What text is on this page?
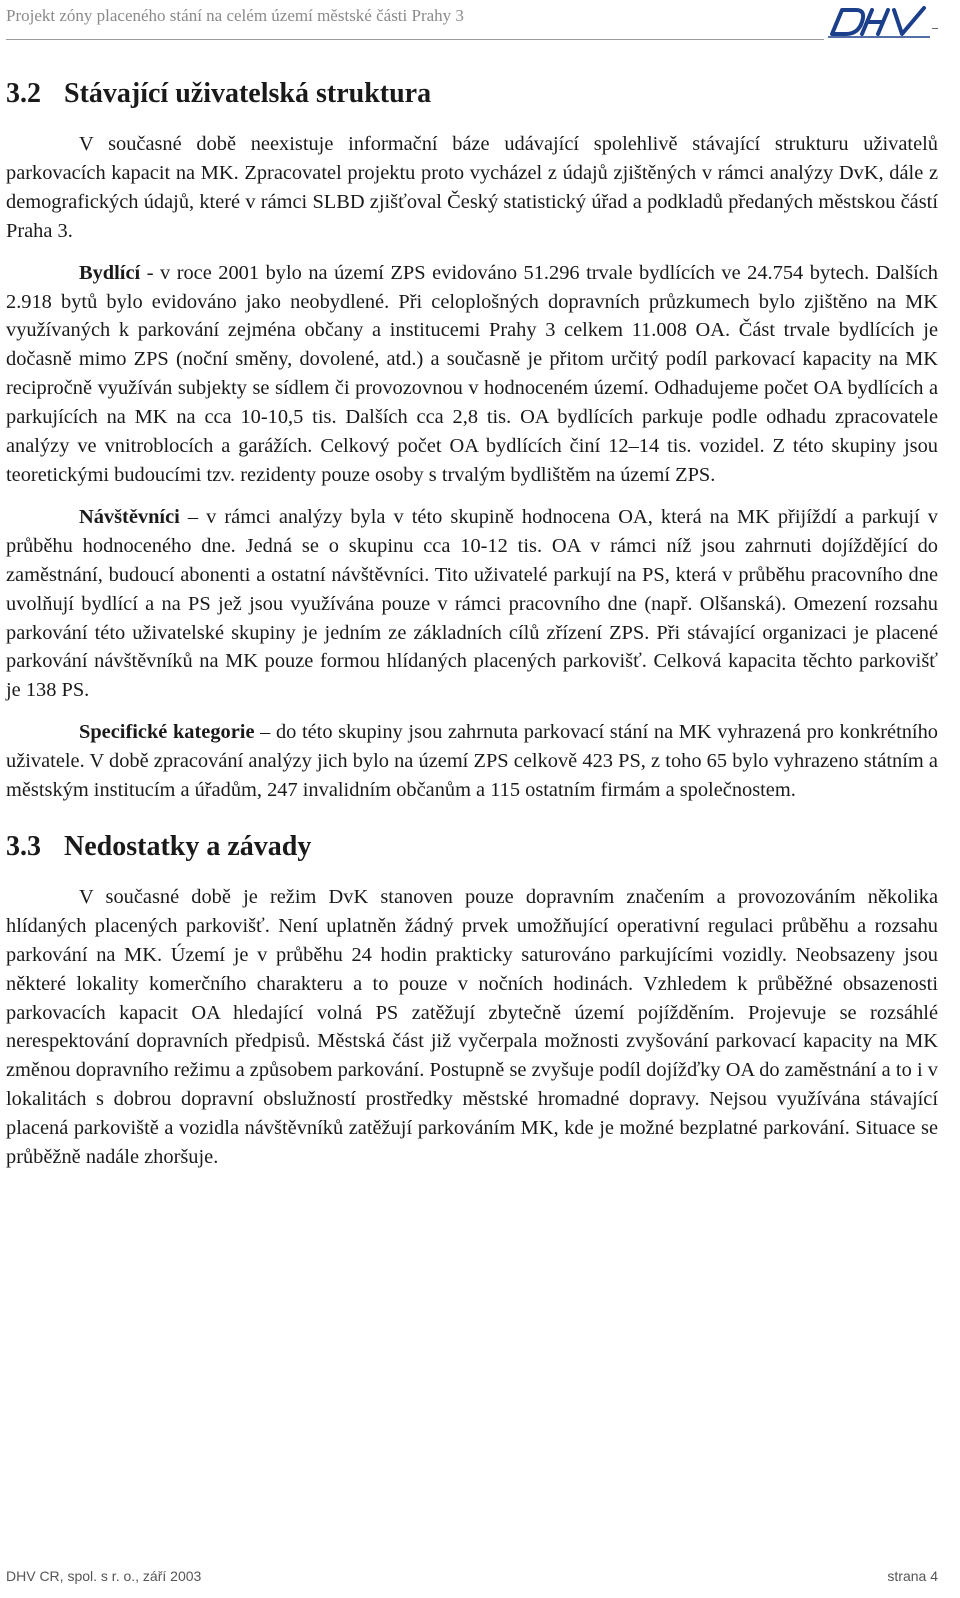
Projekt zóny placeného stání na celém území městské části Prahy 3
3.2 Stávající uživatelská struktura

V současné době neexistuje informační báze udávající spolehlivě stávající strukturu uživatelů parkovacích kapacit na MK. Zpracovatel projektu proto vycházel z údajů zjištěných v rámci analýzy DvK, dále z demografických údajů, které v rámci SLBD zjišťoval Český statistický úřad a podkladů předaných městskou částí Praha 3.

Bydlící - v roce 2001 bylo na území ZPS evidováno 51.296 trvale bydlících ve 24.754 bytech. Dalších 2.918 bytů bylo evidováno jako neobydlené. Při celoplošných dopravních průzkumech bylo zjištěno na MK využívaných k parkování zejména občany a institucemi Prahy 3 celkem 11.008 OA. Část trvale bydlících je dočasně mimo ZPS (noční směny, dovolené, atd.) a současně je přitom určitý podíl parkovací kapacity na MK recipročně využíván subjekty se sídlem či provozovnou v hodnoceném území. Odhadujeme počet OA bydlících a parkujících na MK na cca 10-10,5 tis. Dalších cca 2,8 tis. OA bydlících parkuje podle odhadu zpracovatele analýzy ve vnitroblocích a garážích. Celkový počet OA bydlících činí 12–14 tis. vozidel. Z této skupiny jsou teoretickými budoucími tzv. rezidenty pouze osoby s trvalým bydlištěm na území ZPS.

Návštěvníci – v rámci analýzy byla v této skupině hodnocena OA, která na MK přijíždí a parkují v průběhu hodnoceného dne. Jedná se o skupinu cca 10-12 tis. OA v rámci níž jsou zahrnuti dojíždějící do zaměstnání, budoucí abonenti a ostatní návštěvníci. Tito uživatelé parkují na PS, která v průběhu pracovního dne uvolňují bydlící a na PS jež jsou využívána pouze v rámci pracovního dne (např. Olšanská). Omezení rozsahu parkování této uživatelské skupiny je jedním ze základních cílů zřízení ZPS. Při stávající organizaci je placené parkování návštěvníků na MK pouze formou hlídaných placených parkovišť. Celková kapacita těchto parkovišť je 138 PS.

Specifické kategorie – do této skupiny jsou zahrnuta parkovací stání na MK vyhrazená pro konkrétního uživatele. V době zpracování analýzy jich bylo na území ZPS celkově 423 PS, z toho 65 bylo vyhrazeno státním a městským institucím a úřadům, 247 invalidním občanům a 115 ostatním firmám a společnostem.

3.3 Nedostatky a závady

V současné době je režim DvK stanoven pouze dopravním značením a provozováním několika hlídaných placených parkovišť. Není uplatněn žádný prvek umožňující operativní regulaci průběhu a rozsahu parkování na MK. Území je v průběhu 24 hodin prakticky saturováno parkujícími vozidly. Neobsazeny jsou některé lokality komerčního charakteru a to pouze v nočních hodinách. Vzhledem k průběžné obsazenosti parkovacích kapacit OA hledající volná PS zatěžují zbytečně území pojížděním. Projevuje se rozsáhlé nerespektování dopravních předpisů. Městská část již vyčerpala možnosti zvyšování parkovací kapacity na MK změnou dopravního režimu a způsobem parkování. Postupně se zvyšuje podíl dojížďky OA do zaměstnání a to i v lokalitách s dobrou dopravní obslužností prostředky městské hromadné dopravy. Nejsou využívána stávající placená parkoviště a vozidla návštěvníků zatěžují parkováním MK, kde je možné bezplatné parkování. Situace se průběžně nadále zhoršuje.

DHV CR, spol. s r. o., září 2003	strana 4
